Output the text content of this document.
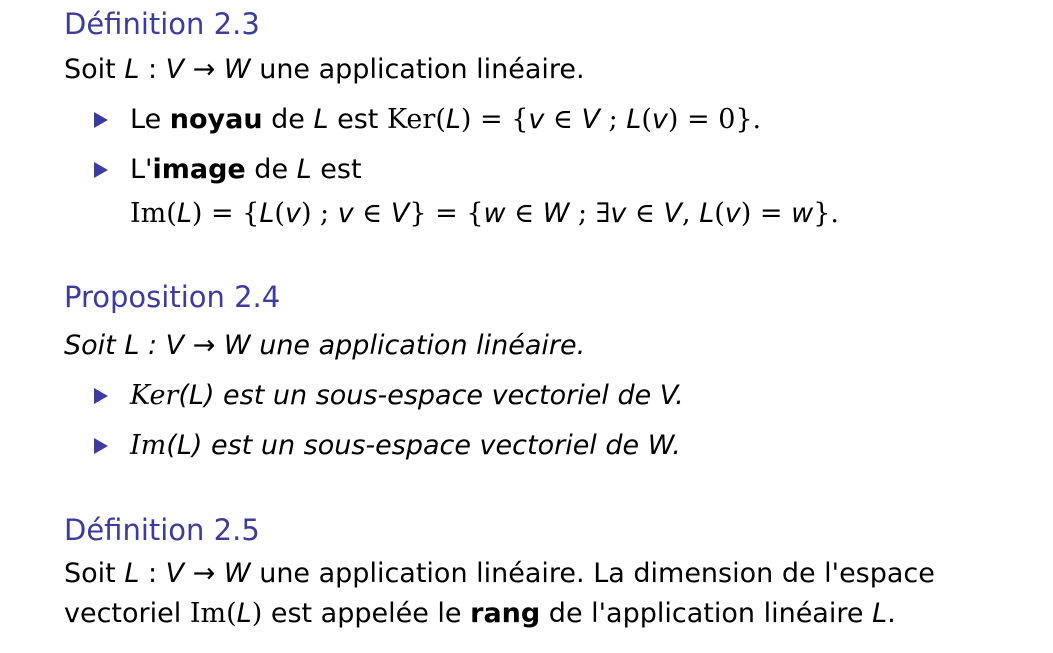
Définition 2.3
Soit L : V → W une application linéaire.
Le noyau de L est Ker(L) = {v ∈ V ; L(v) = 0}.
L'image de L est
Im(L) = {L(v) ; v ∈ V} = {w ∈ W ; ∃v ∈ V, L(v) = w}.
Proposition 2.4
Soit L : V → W une application linéaire.
Ker(L) est un sous-espace vectoriel de V.
Im(L) est un sous-espace vectoriel de W.
Définition 2.5
Soit L : V → W une application linéaire. La dimension de l'espace
vectoriel Im(L) est appelée le rang de l'application linéaire L.
